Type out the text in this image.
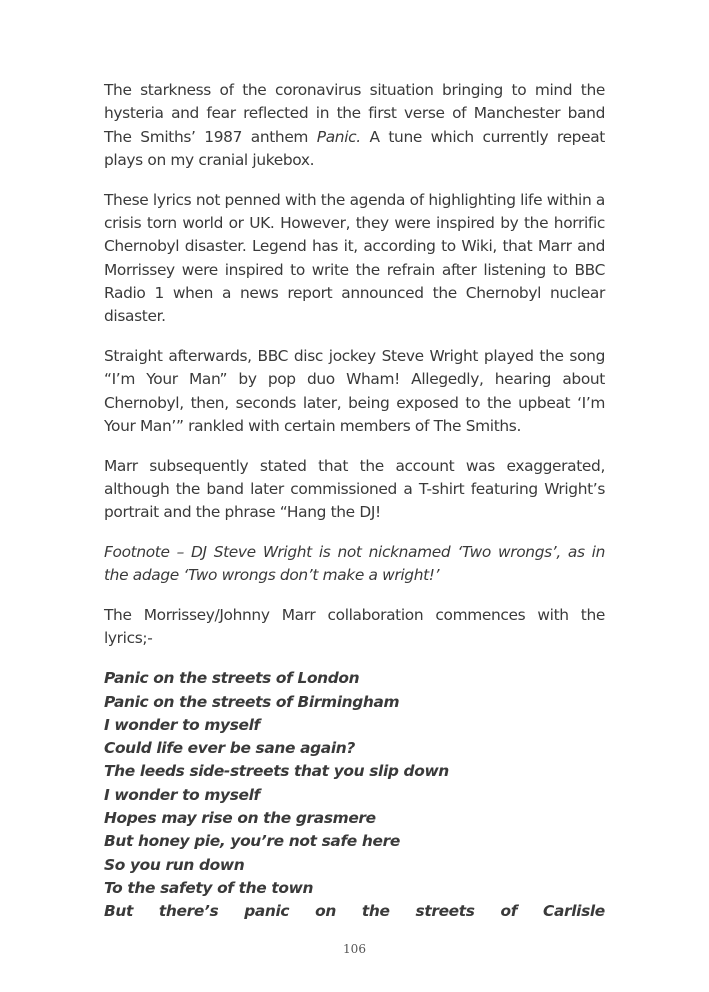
The starkness of the coronavirus situation bringing to mind the hysteria and fear reflected in the first verse of Manchester band The Smiths’ 1987 anthem Panic. A tune which currently repeat plays on my cranial jukebox.

These lyrics not penned with the agenda of highlighting life within a crisis torn world or UK. However, they were inspired by the horrific Chernobyl disaster. Legend has it, according to Wiki, that Marr and Morrissey were inspired to write the refrain after listening to BBC Radio 1 when a news report announced the Chernobyl nuclear disaster.

Straight afterwards, BBC disc jockey Steve Wright played the song “I’m Your Man” by pop duo Wham! Allegedly, hearing about Chernobyl, then, seconds later, being exposed to the upbeat ‘I’m Your Man’” rankled with certain members of The Smiths.

Marr subsequently stated that the account was exaggerated, although the band later commissioned a T-shirt featuring Wright’s portrait and the phrase “Hang the DJ!

Footnote – DJ Steve Wright is not nicknamed ‘Two wrongs’, as in the adage ‘Two wrongs don’t make a wright!’

The Morrissey/Johnny Marr collaboration commences with the lyrics;-

Panic on the streets of London
Panic on the streets of Birmingham
I wonder to myself
Could life ever be sane again?
The leeds side-streets that you slip down
I wonder to myself
Hopes may rise on the grasmere
But honey pie, you’re not safe here
So you run down
To the safety of the town
But there’s panic on the streets of Carlisle
106
